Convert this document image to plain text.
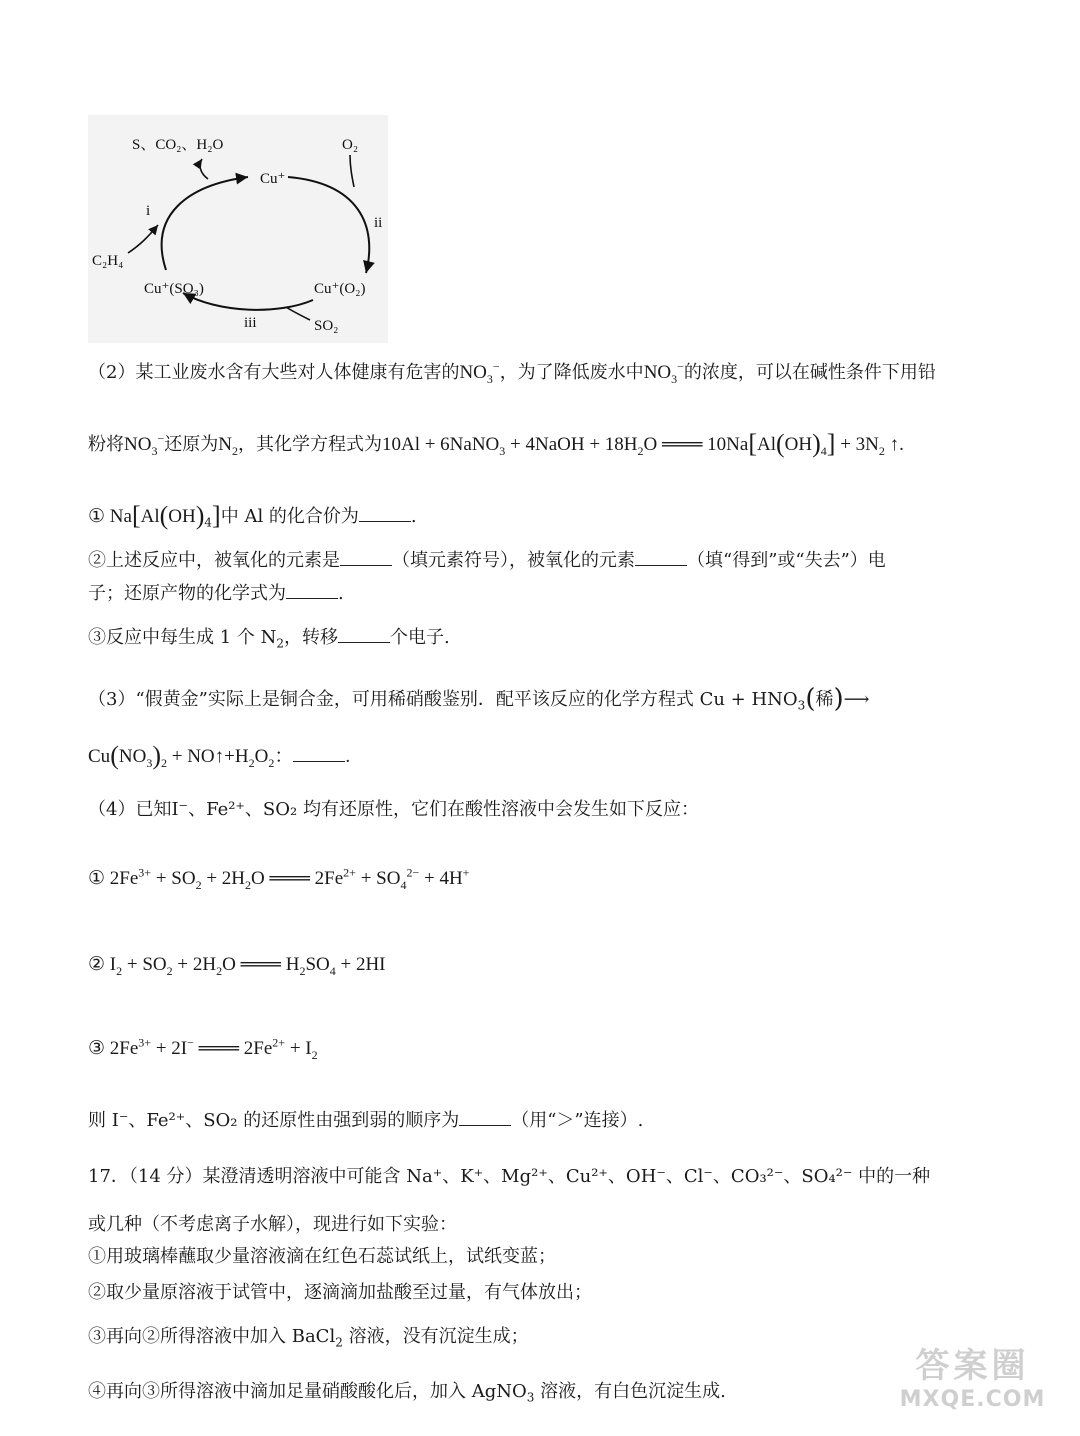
S、CO₂、H₂O
Cu⁺
O₂
C₂H₄
Cu⁺(SO₃)	Cu⁺(O₂)
SO₂
i
ii
iii
（2）某工业废水含有大些对人体健康有危害的$NO_3^-$，为了降低废水中$NO_3^-$的浓度，可以在碱性条件下用铅
粉将$NO_3^-$还原为$N_2$，其化学方程式为10Al + 6NaNO$_3$ + 4NaOH + $18H_2O$ ═══ $10Na[Al(OH)_4] + 3N_2$ ↑.
① $Na[Al(OH)_4]$中 Al 的化合价为	.
②上述反应中，被氧化的元素是	（填元素符号），被氧化的元素	（填“得到”或“失去”）电
子；还原产物的化学式为	.
③反应中每生成 1 个 $N_2$，转移	个电子.
（3）“假黄金”实际上是铜合金，可用稀硝酸鉴别．配平该反应的化学方程式 $Cu + HNO_3$(稀)⟶
$Cu(NO_3)_2$ + $NO↑+H_2O_2$：	.
（4）已知I⁻、Fe²⁺、SO₂ 均有还原性，它们在酸性溶液中会发生如下反应：
① $2Fe^{3+} + SO_2 + 2H_2O$ ═══ $2Fe^{2+} + SO_4^{2-} + 4H^+$
② $I_2 + SO_2 + 2H_2O$ ═══ $H_2SO_4 + 2HI$
③ $2Fe^{3+} + 2I^-$ ═══ $2Fe^{2+} + I_2$
则 I⁻、Fe²⁺、SO₂ 的还原性由强到弱的顺序为	（用“＞”连接）.
17．（14 分）某澄清透明溶液中可能含 Na⁺、K⁺、Mg²⁺、Cu²⁺、OH⁻、Cl⁻、CO₃²⁻、SO₄²⁻ 中的一种
或几种（不考虑离子水解），现进行如下实验：
①用玻璃棒蘸取少量溶液滴在红色石蕊试纸上，试纸变蓝；
②取少量原溶液于试管中，逐滴滴加盐酸至过量，有气体放出；
③再向②所得溶液中加入 BaCl$_2$ 溶液，没有沉淀生成；
④再向③所得溶液中滴加足量硝酸酸化后，加入 AgNO$_3$ 溶液，有白色沉淀生成.
答案圈
MXQE.COM
